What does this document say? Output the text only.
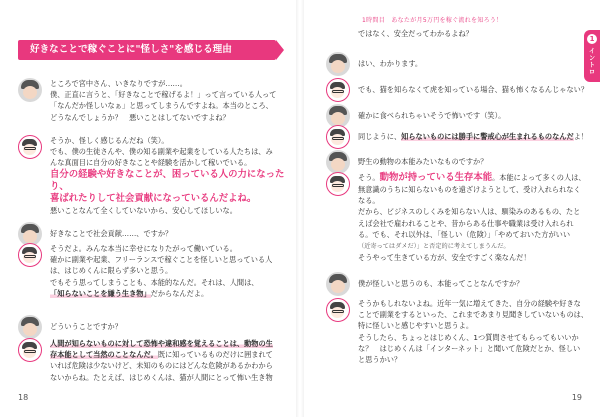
好きなことで稼ぐことに"怪しさ"を感じる理由
ところで宮中さん、いきなりですが……。
僕、正直に言うと、「好きなことで稼げるよ！」って言っている人って
「なんだか怪しいなぁ」と思ってしまうんですよね。本当のところ、
どうなんでしょうか？　悪いことはしてないですよね？
そうか、怪しく感じるんだね（笑）。
でも、僕の生徒さんや、僕の知る副業や起業をしている人たちは、み
んな真面目に自分の好きなことや経験を活かして稼いでいる。
自分の経験や好きなことが、困っている人の力になったり、
喜ばれたりして社会貢献になっているんだよね。
悪いことなんて全くしていないから、安心してほしいな。
好きなことで社会貢献……、ですか？
そうだよ。みんな本当に幸せになりたがって働いている。
確かに副業や起業、フリーランスで稼ぐことを怪しいと思っている人
は、はじめくんに限らず多いと思う。
でもそう思ってしまうことも、本能的なんだ。それは、人間は、
「知らないことを嫌う生き物」だからなんだよ。
どういうことですか？
人間が知らないものに対して恐怖や違和感を覚えることは、動物の生
存本能として当然のことなんだ。既に知っているものだけに囲まれて
いれば危険は少ないけど、未知のものにはどんな危険があるかわから
ないからね。たとえば、はじめくんは、猫が人間にとって怖い生き物
18
1時間目　あなたが月5万円を稼ぐ流れを知ろう！
1
イントロ
ではなく、安全だってわかるよね？
はい、わかります。
でも、猫を知らなくて虎を知っている場合、猫も怖くなるんじゃない？
確かに食べられちゃいそうで怖いです（笑）。
同じように、知らないものには勝手に警戒心が生まれるものなんだよ！
野生の動物の本能みたいなものですか？
そう。動物が持っている生存本能。本能によって多くの人は、
無意識のうちに知らないものを遠ざけようとして、受け入れられなく
なる。
だから、ビジネスのしくみを知らない人は、馴染みのあるもの、たと
えば会社で雇われることや、昔からある仕事や職業は受け入れられ
る。でも、それ以外は、「怪しい（危険）」「やめておいた方がいい
（近寄ってはダメだ）」と否定的に考えてしまうんだ。
そうやって生きている方が、安全ですごく楽なんだ！
僕が怪しいと思うのも、本能ってことなんですか？
そうかもしれないよね。近年一気に増えてきた、自分の経験や好きな
ことで副業をするといった、これまであまり見聞きしていないものは、
特に怪しいと感じやすいと思うよ。
そうしたら、ちょっとはじめくん、1つ質問させてもらってもいいか
な？　はじめくんは「インターネット」と聞いて危険だとか、怪しい
と思うかい？
19
